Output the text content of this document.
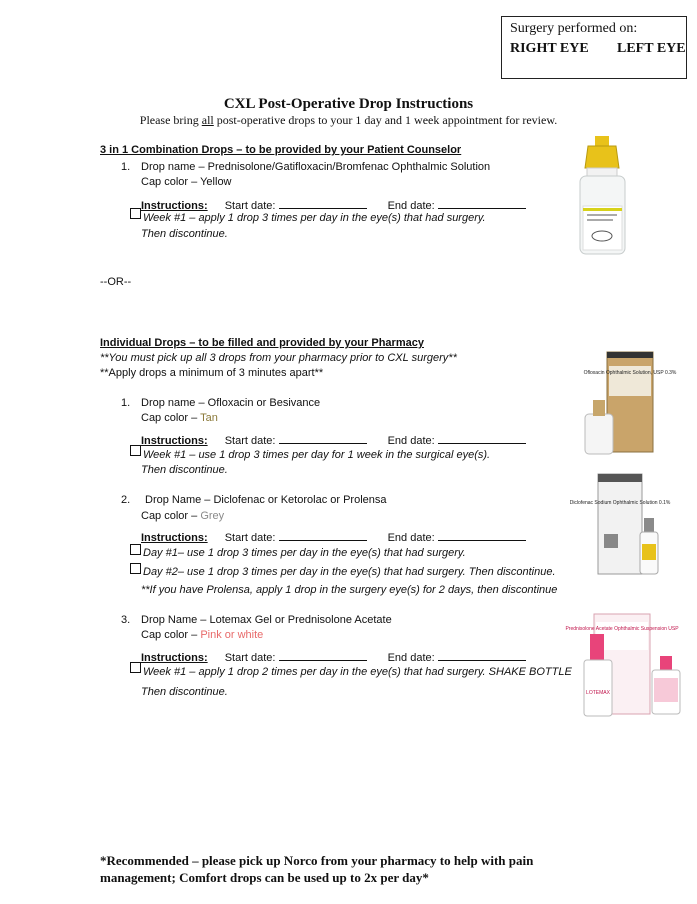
Surgery performed on:
RIGHT EYE LEFT EYE
CXL Post-Operative Drop Instructions
Please bring all post-operative drops to your 1 day and 1 week appointment for review.
3 in 1 Combination Drops – to be provided by your Patient Counselor
1. Drop name – Prednisolone/Gatifloxacin/Bromfenac Ophthalmic Solution
Cap color – Yellow
Instructions: Start date:	End date:
Week #1 – apply 1 drop 3 times per day in the eye(s) that had surgery.
Then discontinue.
--OR--
Individual Drops – to be filled and provided by your Pharmacy
**You must pick up all 3 drops from your pharmacy prior to CXL surgery**
**Apply drops a minimum of 3 minutes apart**
1. Drop name – Ofloxacin or Besivance
Cap color – Tan
Instructions: Start date:	End date:
Week #1 – use 1 drop 3 times per day for 1 week in the surgical eye(s).
Then discontinue.
Ofloxacin Ophthalmic Solution, USP 0.3%
2. Drop Name – Diclofenac or Ketorolac or Prolensa
Cap color – Grey
Instructions: Start date:	End date:
Day #1– use 1 drop 3 times per day in the eye(s) that had surgery.
Day #2– use 1 drop 3 times per day in the eye(s) that had surgery. Then discontinue.
**If you have Prolensa, apply 1 drop in the surgery eye(s) for 2 days, then discontinue
Diclofenac Sodium Ophthalmic Solution 0.1%
3. Drop Name – Lotemax Gel or Prednisolone Acetate
Cap color – Pink or white
Instructions: Start date:	End date:
Week #1 – apply 1 drop 2 times per day in the eye(s) that had surgery. SHAKE BOTTLE
Then discontinue.
Prednisolone Acetate Ophthalmic Suspension USP
LOTEMAX
*Recommended – please pick up Norco from your pharmacy to help with pain
management; Comfort drops can be used up to 2x per day*
